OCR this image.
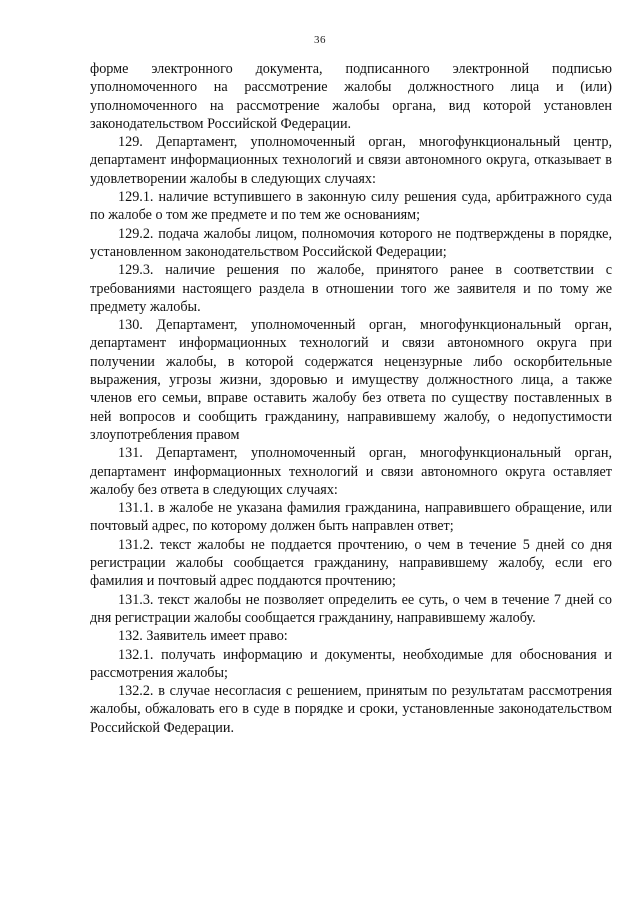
36

форме электронного документа, подписанного электронной подписью уполномоченного на рассмотрение жалобы должностного лица и (или) уполномоченного на рассмотрение жалобы органа, вид которой установлен законодательством Российской Федерации.

129. Департамент, уполномоченный орган, многофункциональный центр, департамент информационных технологий и связи автономного округа, отказывает в удовлетворении жалобы в следующих случаях:

129.1. наличие вступившего в законную силу решения суда, арбитражного суда по жалобе о том же предмете и по тем же основаниям;

129.2. подача жалобы лицом, полномочия которого не подтверждены в порядке, установленном законодательством Российской Федерации;

129.3. наличие решения по жалобе, принятого ранее в соответствии с требованиями настоящего раздела в отношении того же заявителя и по тому же предмету жалобы.

130. Департамент, уполномоченный орган, многофункциональный орган, департамент информационных технологий и связи автономного округа при получении жалобы, в которой содержатся нецензурные либо оскорбительные выражения, угрозы жизни, здоровью и имуществу должностного лица, а также членов его семьи, вправе оставить жалобу без ответа по существу поставленных в ней вопросов и сообщить гражданину, направившему жалобу, о недопустимости злоупотребления правом

131. Департамент, уполномоченный орган, многофункциональный орган, департамент информационных технологий и связи автономного округа оставляет жалобу без ответа в следующих случаях:

131.1. в жалобе не указана фамилия гражданина, направившего обращение, или почтовый адрес, по которому должен быть направлен ответ;

131.2. текст жалобы не поддается прочтению, о чем в течение 5 дней со дня регистрации жалобы сообщается гражданину, направившему жалобу, если его фамилия и почтовый адрес поддаются прочтению;

131.3. текст жалобы не позволяет определить ее суть, о чем в течение 7 дней со дня регистрации жалобы сообщается гражданину, направившему жалобу.

132. Заявитель имеет право:

132.1. получать информацию и документы, необходимые для обоснования и рассмотрения жалобы;

132.2. в случае несогласия с решением, принятым по результатам рассмотрения жалобы, обжаловать его в суде в порядке и сроки, установленные законодательством Российской Федерации.
